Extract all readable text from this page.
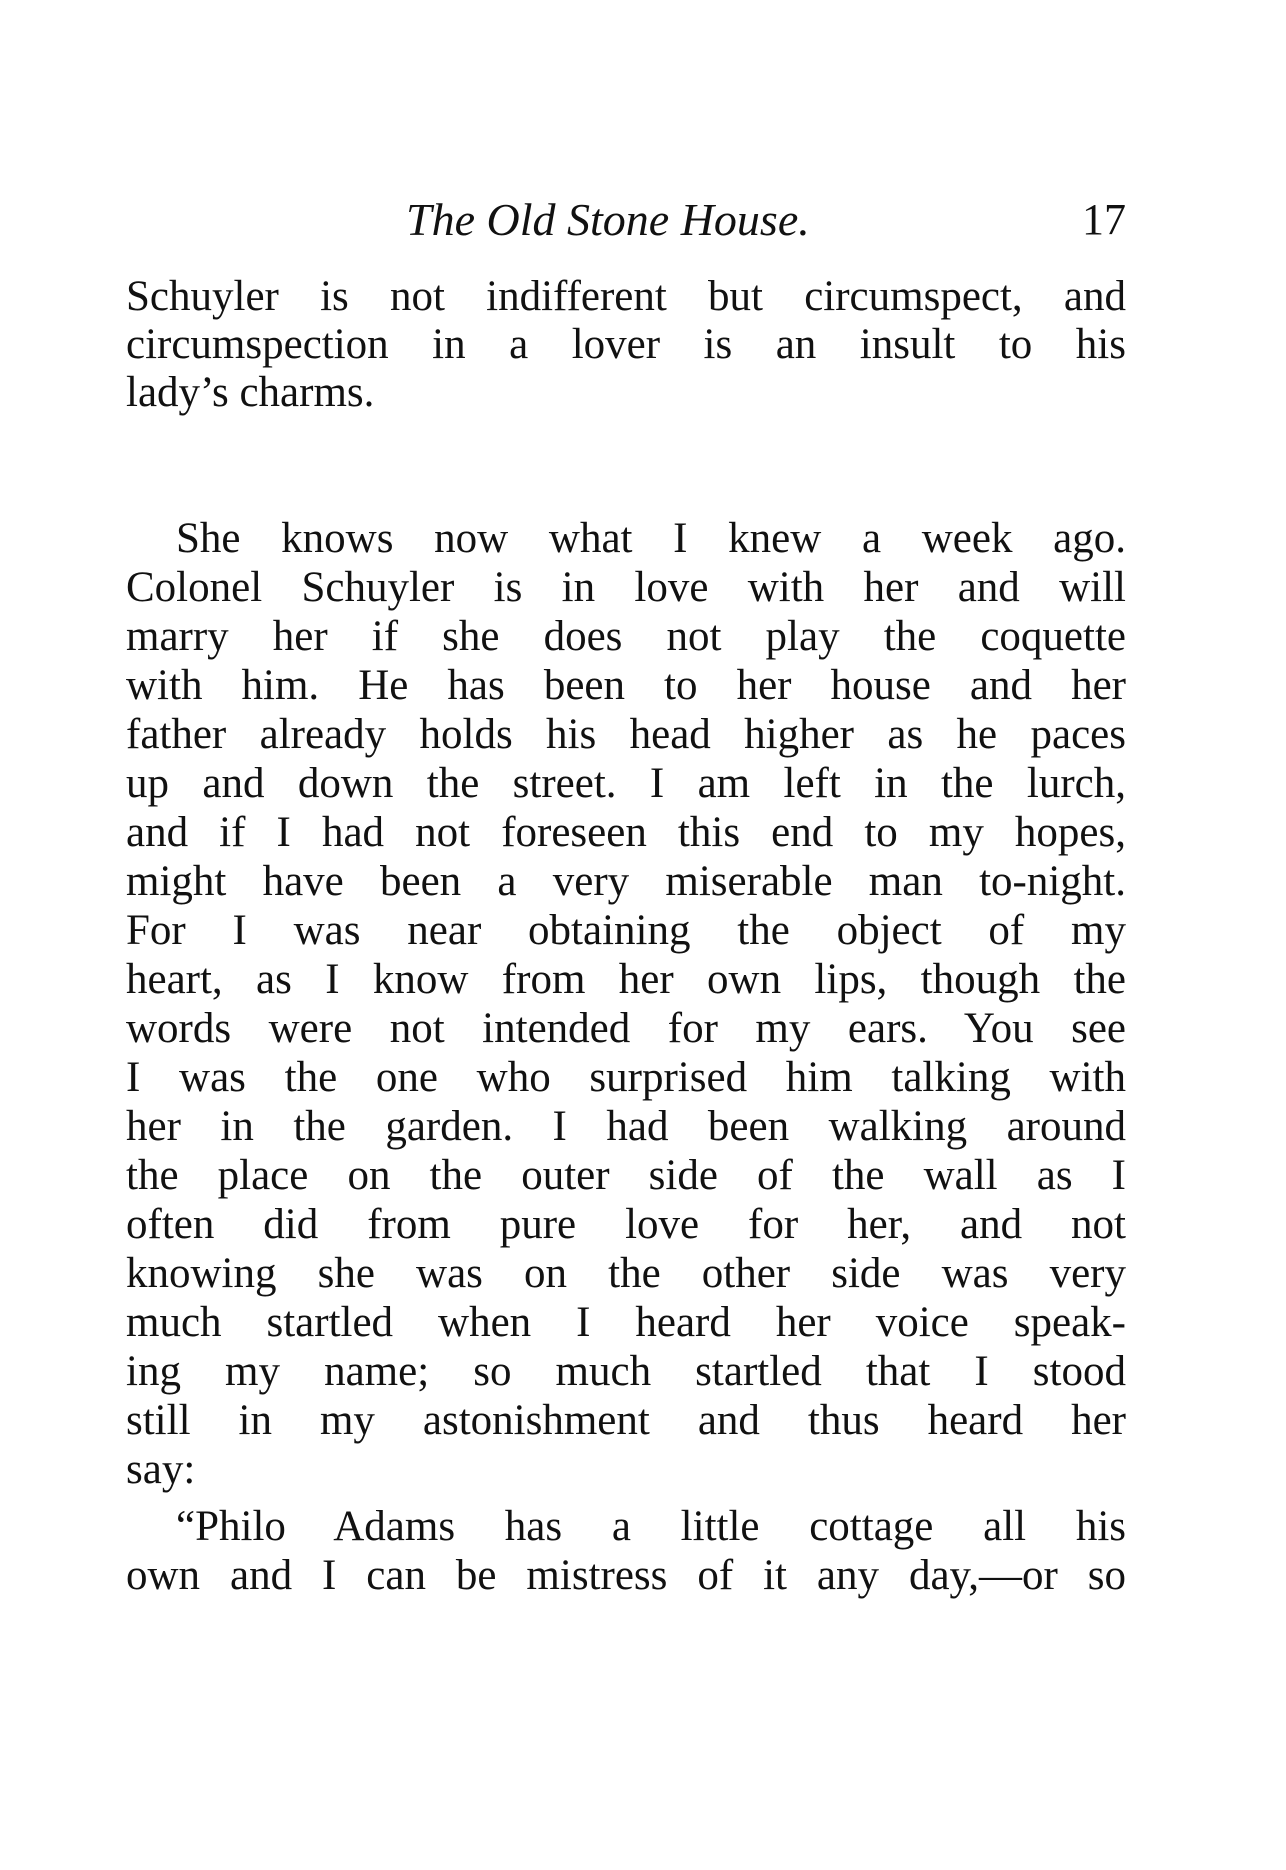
The Old Stone House.	17
Schuyler is not indifferent but circumspect, and
circumspection in a lover is an insult to his
lady’s charms.
She knows now what I knew a week ago.
Colonel Schuyler is in love with her and will
marry her if she does not play the coquette
with him. He has been to her house and her
father already holds his head higher as he paces
up and down the street. I am left in the lurch,
and if I had not foreseen this end to my hopes,
might have been a very miserable man to-night.
For I was near obtaining the object of my
heart, as I know from her own lips, though the
words were not intended for my ears. You see
I was the one who surprised him talking with
her in the garden. I had been walking around
the place on the outer side of the wall as I
often did from pure love for her, and not
knowing she was on the other side was very
much startled when I heard her voice speak-
ing my name; so much startled that I stood
still in my astonishment and thus heard her
say:
“Philo Adams has a little cottage all his
own and I can be mistress of it any day,—or so
